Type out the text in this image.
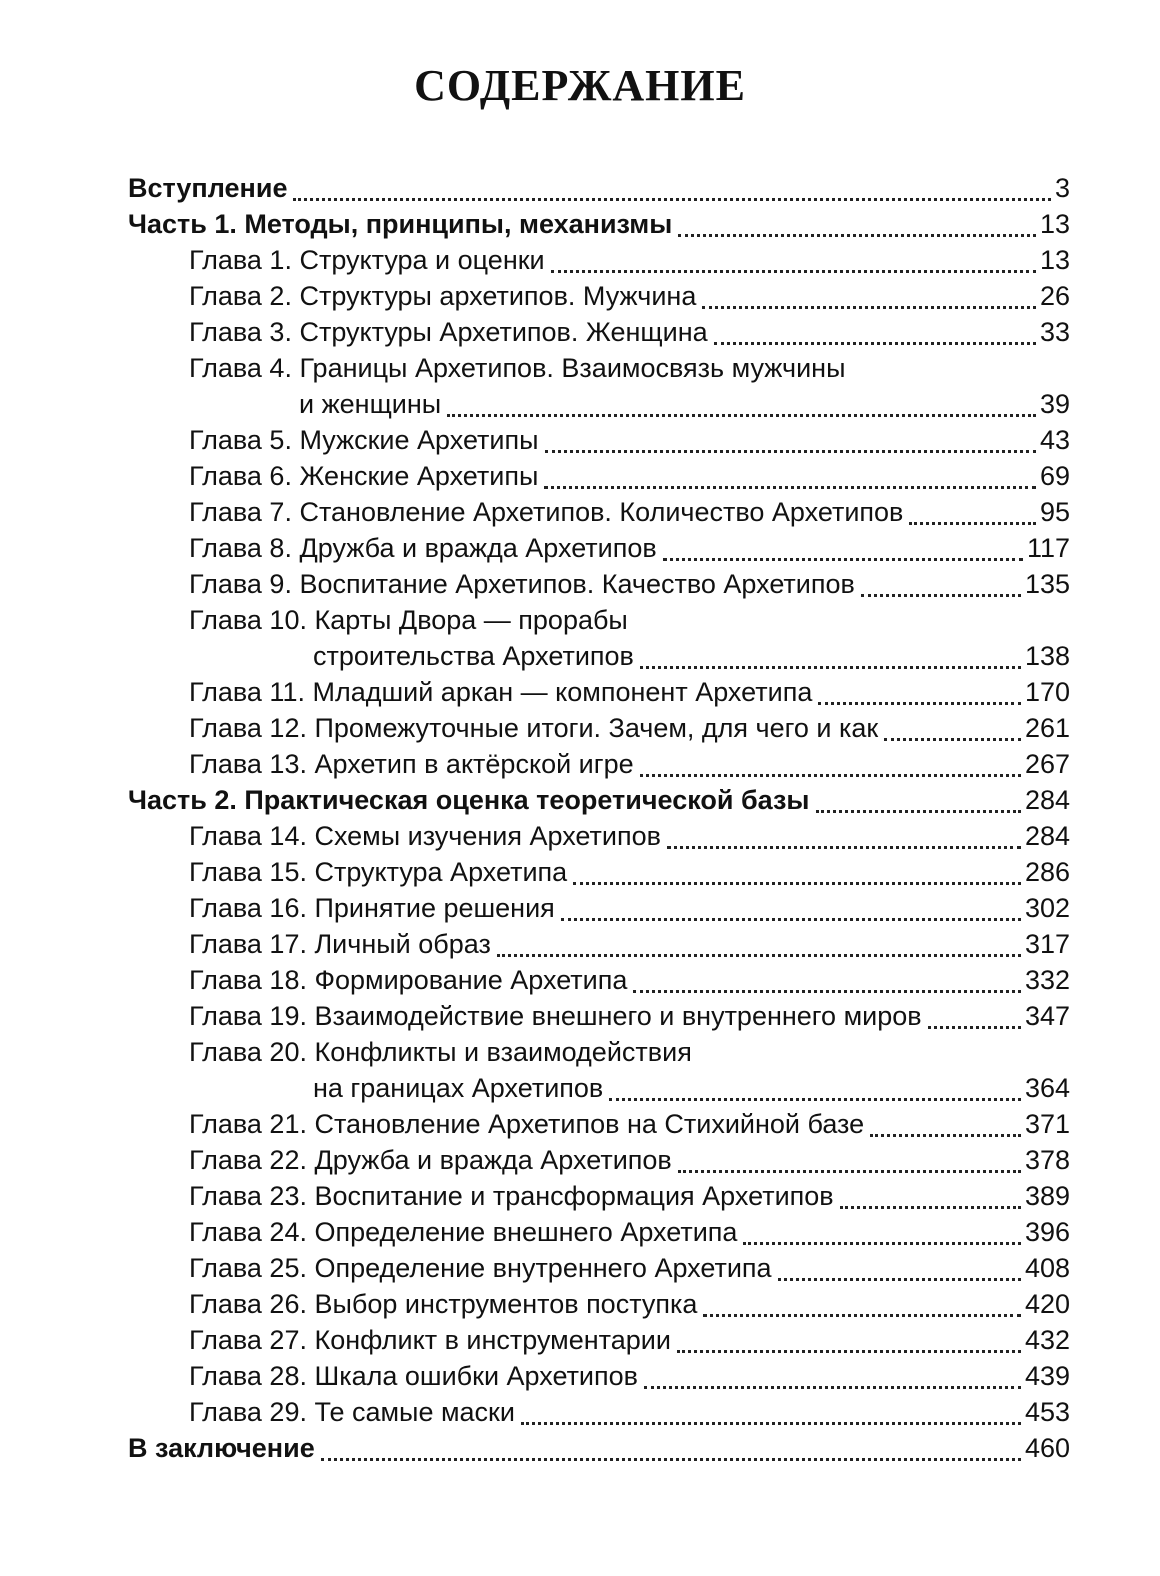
СОДЕРЖАНИЕ
Вступление	3
Часть 1. Методы, принципы, механизмы	13
Глава 1. Структура и оценки	13
Глава 2. Структуры архетипов. Мужчина	26
Глава 3. Структуры Архетипов. Женщина	33
Глава 4. Границы Архетипов. Взаимосвязь мужчины
и женщины	39
Глава 5. Мужские Архетипы	43
Глава 6. Женские Архетипы	69
Глава 7. Становление Архетипов. Количество Архетипов	95
Глава 8. Дружба и вражда Архетипов	117
Глава 9. Воспитание Архетипов. Качество Архетипов	135
Глава 10. Карты Двора — прорабы
строительства Архетипов	138
Глава 11. Младший аркан — компонент Архетипа	170
Глава 12. Промежуточные итоги. Зачем, для чего и как	261
Глава 13. Архетип в актёрской игре	267
Часть 2. Практическая оценка теоретической базы	284
Глава 14. Схемы изучения Архетипов	284
Глава 15. Структура Архетипа	286
Глава 16. Принятие решения	302
Глава 17. Личный образ	317
Глава 18. Формирование Архетипа	332
Глава 19. Взаимодействие внешнего и внутреннего миров	347
Глава 20. Конфликты и взаимодействия
на границах Архетипов	364
Глава 21. Становление Архетипов на Стихийной базе	371
Глава 22. Дружба и вражда Архетипов	378
Глава 23. Воспитание и трансформация Архетипов	389
Глава 24. Определение внешнего Архетипа	396
Глава 25. Определение внутреннего Архетипа	408
Глава 26. Выбор инструментов поступка	420
Глава 27. Конфликт в инструментарии	432
Глава 28. Шкала ошибки Архетипов	439
Глава 29. Те самые маски	453
В заключение	460
